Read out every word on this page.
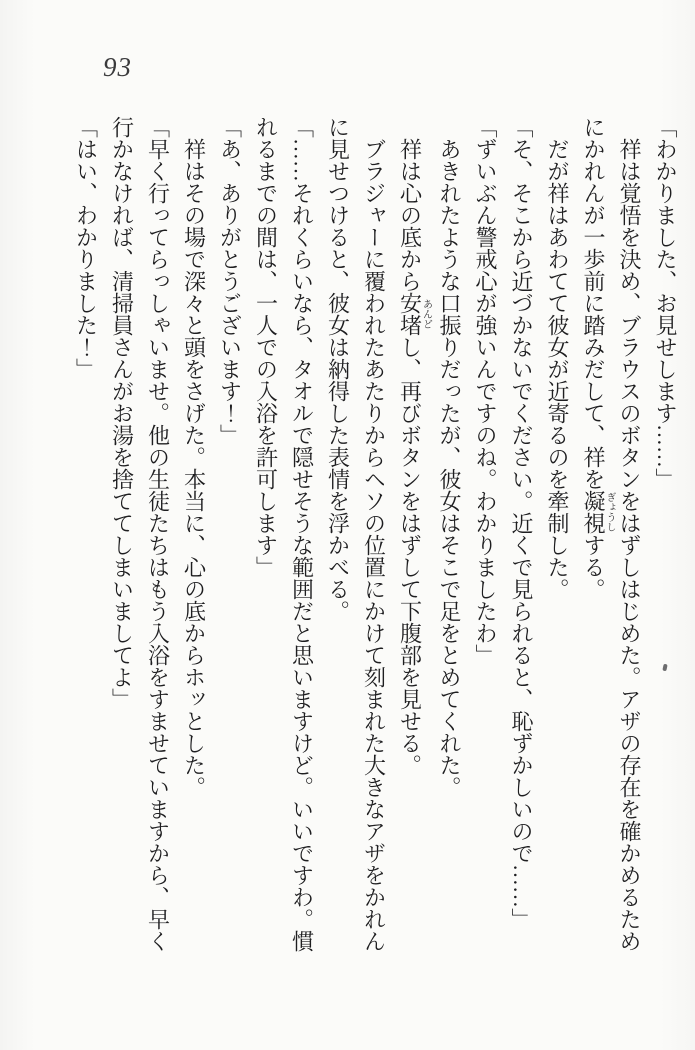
93

「わかりました、お見せします……」

祥は覚悟を決め、ブラウスのボタンをはずしはじめた。アザの存在を確かめるためにかれんが一歩前に踏みだして、祥を凝視ぎょうしする。

だが祥はあわてて彼女が近寄るのを牽制した。

「そ、そこから近づかないでください。近くで見られると、恥ずかしいので……」

「ずいぶん警戒心が強いんですのね。わかりましたわ」

あきれたような口振りだったが、彼女はそこで足をとめてくれた。

祥は心の底から安堵あんどし、再びボタンをはずして下腹部を見せる。

ブラジャーに覆われたあたりからヘソの位置にかけて刻まれた大きなアザをかれんに見せつけると、彼女は納得した表情を浮かべる。

「……それくらいなら、タオルで隠せそうな範囲だと思いますけど。いいですわ。慣れるまでの間は、一人での入浴を許可します」

「あ、ありがとうございます！」

祥はその場で深々と頭をさげた。本当に、心の底からホッとした。

「早く行ってらっしゃいませ。他の生徒たちはもう入浴をすませていますから、早く行かなければ、清掃員さんがお湯を捨ててしまいましてよ」

「はい、わかりました！」
